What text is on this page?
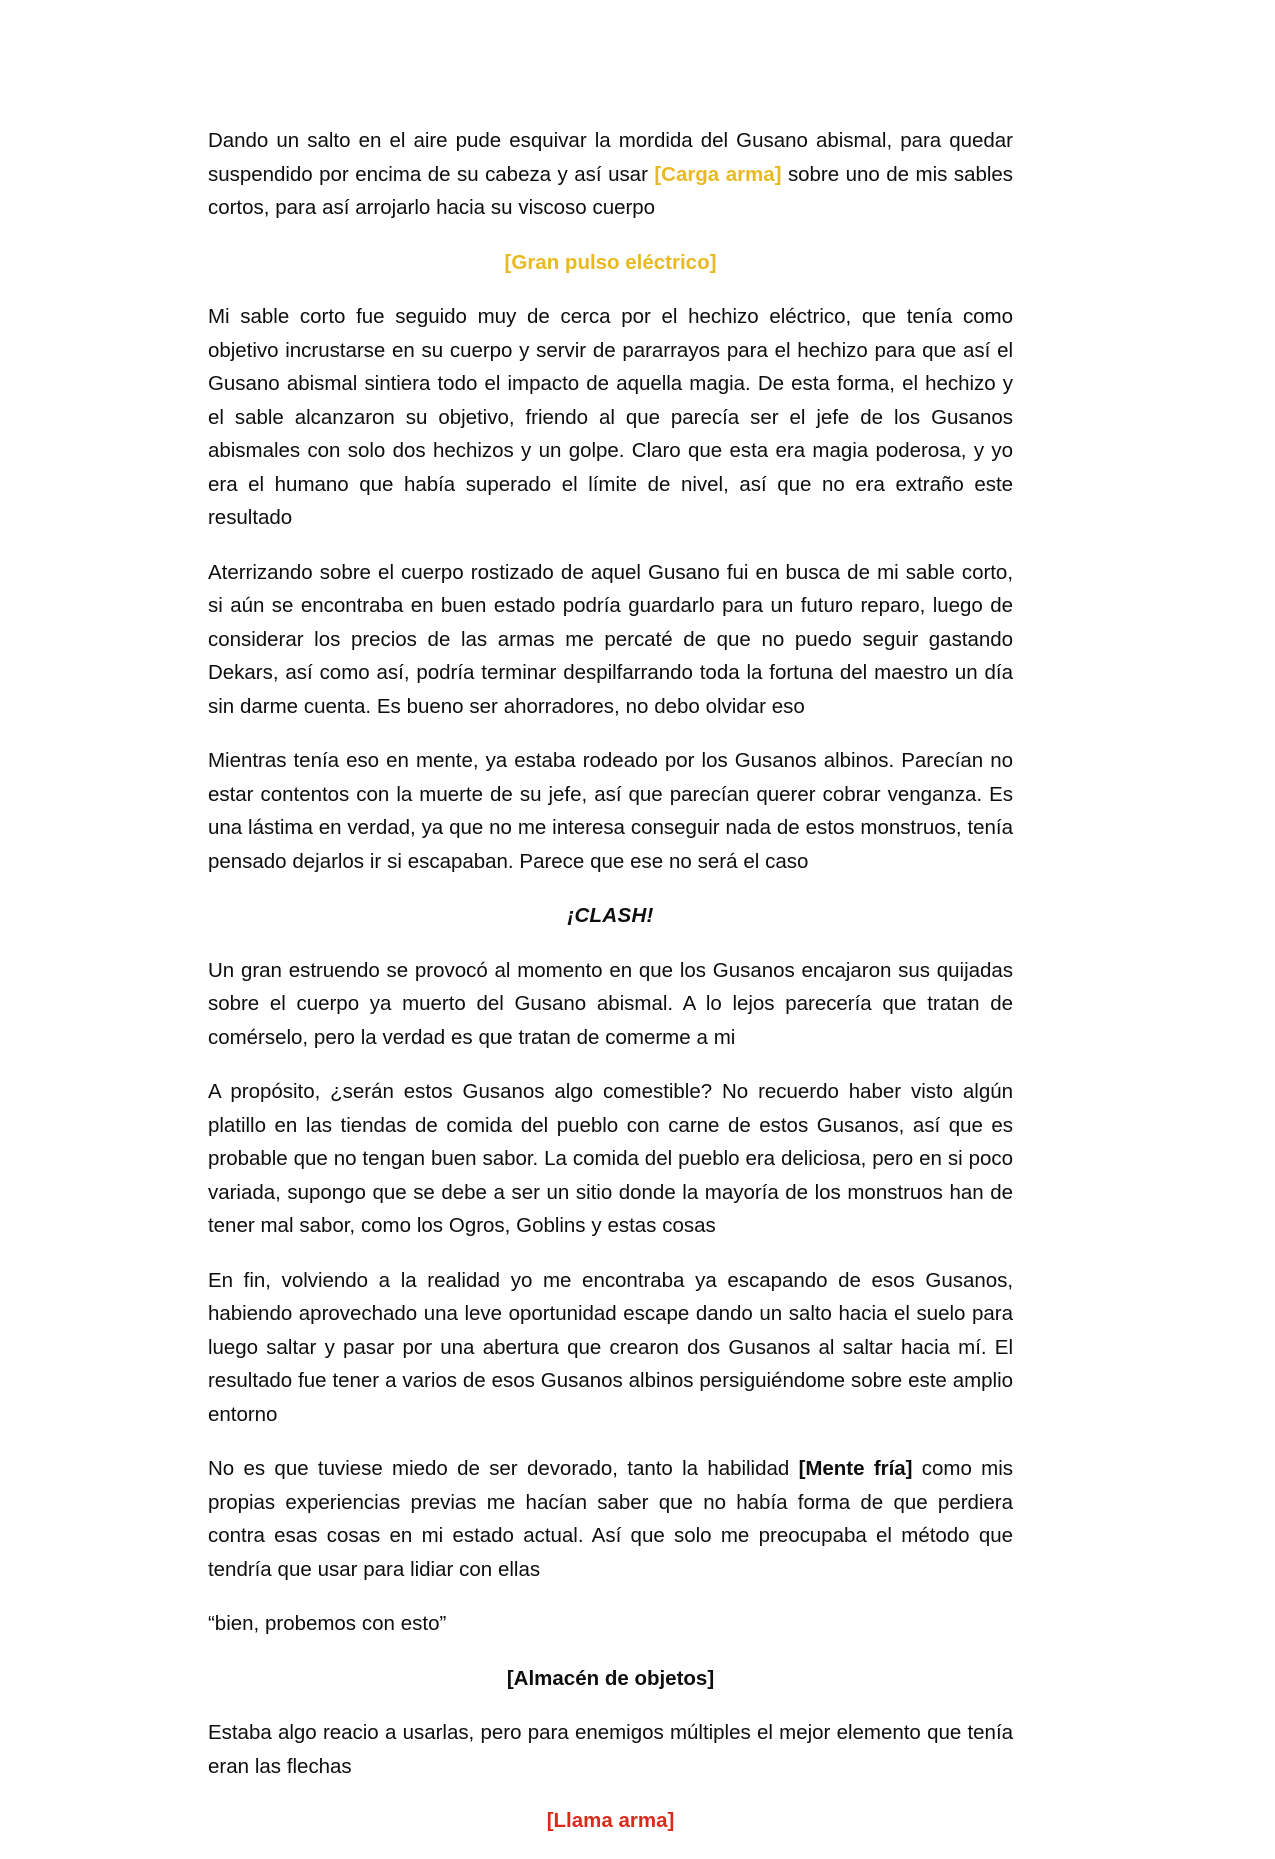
Dando un salto en el aire pude esquivar la mordida del Gusano abismal, para quedar suspendido por encima de su cabeza y así usar [Carga arma] sobre uno de mis sables cortos, para así arrojarlo hacia su viscoso cuerpo

[Gran pulso eléctrico]

Mi sable corto fue seguido muy de cerca por el hechizo eléctrico, que tenía como objetivo incrustarse en su cuerpo y servir de pararrayos para el hechizo para que así el Gusano abismal sintiera todo el impacto de aquella magia. De esta forma, el hechizo y el sable alcanzaron su objetivo, friendo al que parecía ser el jefe de los Gusanos abismales con solo dos hechizos y un golpe. Claro que esta era magia poderosa, y yo era el humano que había superado el límite de nivel, así que no era extraño este resultado

Aterrizando sobre el cuerpo rostizado de aquel Gusano fui en busca de mi sable corto, si aún se encontraba en buen estado podría guardarlo para un futuro reparo, luego de considerar los precios de las armas me percaté de que no puedo seguir gastando Dekars, así como así, podría terminar despilfarrando toda la fortuna del maestro un día sin darme cuenta. Es bueno ser ahorradores, no debo olvidar eso

Mientras tenía eso en mente, ya estaba rodeado por los Gusanos albinos. Parecían no estar contentos con la muerte de su jefe, así que parecían querer cobrar venganza. Es una lástima en verdad, ya que no me interesa conseguir nada de estos monstruos, tenía pensado dejarlos ir si escapaban. Parece que ese no será el caso

¡CLASH!

Un gran estruendo se provocó al momento en que los Gusanos encajaron sus quijadas sobre el cuerpo ya muerto del Gusano abismal. A lo lejos parecería que tratan de comérselo, pero la verdad es que tratan de comerme a mi

A propósito, ¿serán estos Gusanos algo comestible? No recuerdo haber visto algún platillo en las tiendas de comida del pueblo con carne de estos Gusanos, así que es probable que no tengan buen sabor. La comida del pueblo era deliciosa, pero en si poco variada, supongo que se debe a ser un sitio donde la mayoría de los monstruos han de tener mal sabor, como los Ogros, Goblins y estas cosas

En fin, volviendo a la realidad yo me encontraba ya escapando de esos Gusanos, habiendo aprovechado una leve oportunidad escape dando un salto hacia el suelo para luego saltar y pasar por una abertura que crearon dos Gusanos al saltar hacia mí. El resultado fue tener a varios de esos Gusanos albinos persiguiéndome sobre este amplio entorno

No es que tuviese miedo de ser devorado, tanto la habilidad [Mente fría] como mis propias experiencias previas me hacían saber que no había forma de que perdiera contra esas cosas en mi estado actual. Así que solo me preocupaba el método que tendría que usar para lidiar con ellas

“bien, probemos con esto”

[Almacén de objetos]

Estaba algo reacio a usarlas, pero para enemigos múltiples el mejor elemento que tenía eran las flechas

[Llama arma]
